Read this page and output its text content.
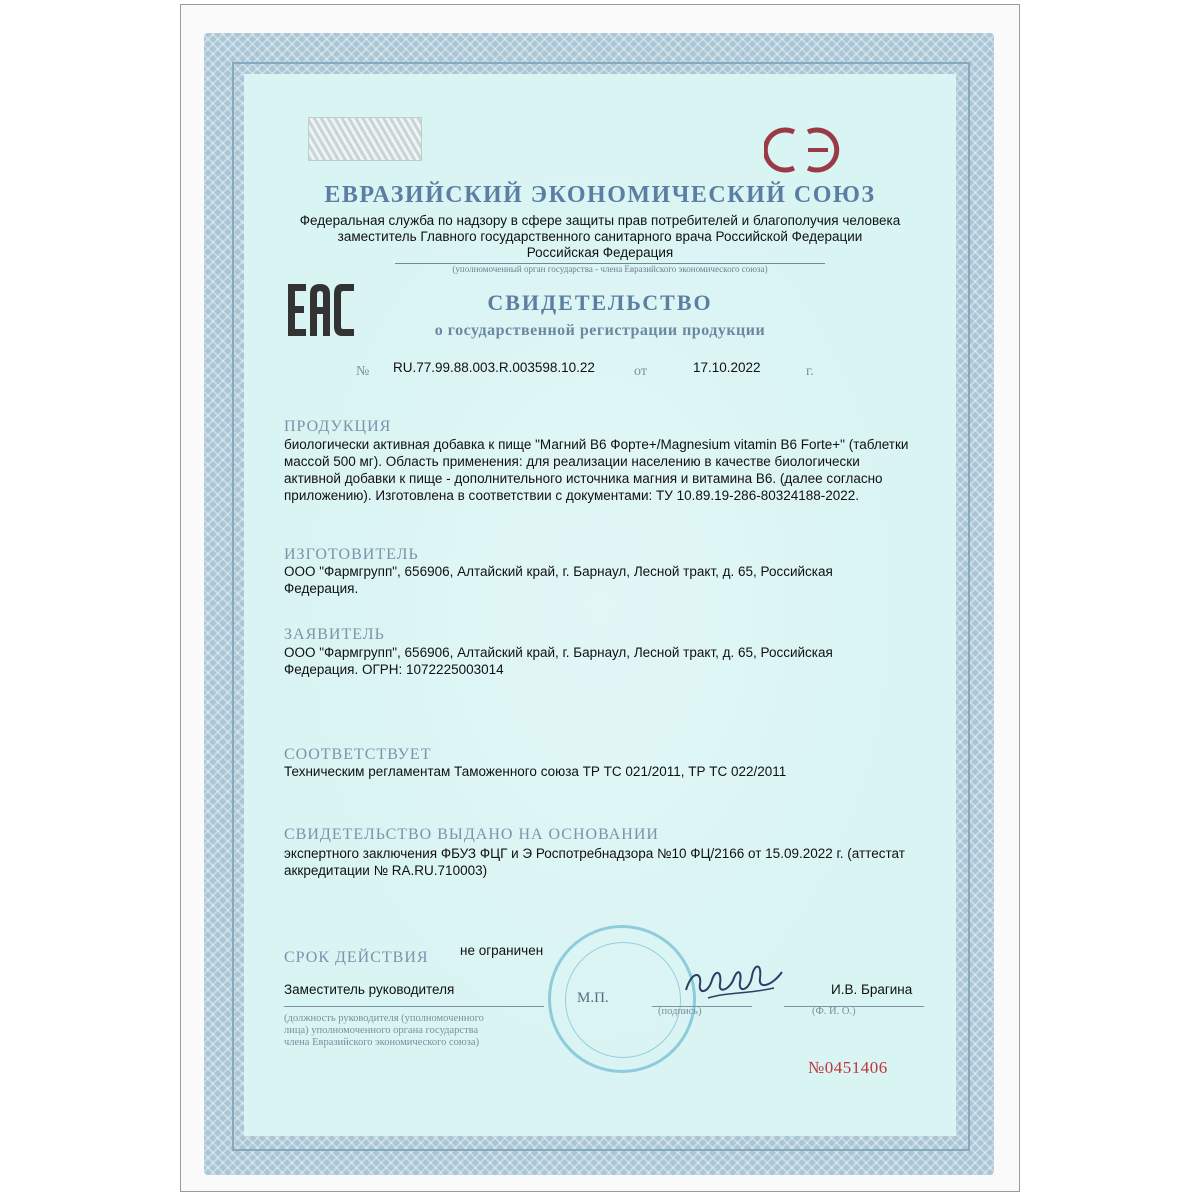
СЭ
ЕВРАЗИЙСКИЙ ЭКОНОМИЧЕСКИЙ СОЮЗ
Федеральная служба по надзору в сфере защиты прав потребителей и благополучия человека
заместитель Главного государственного санитарного врача Российской Федерации
Российская Федерация
(уполномоченный орган государства - члена Евразийского экономического союза)
ЕАС
СВИДЕТЕЛЬСТВО
о государственной регистрации продукции
№ RU.77.99.88.003.R.003598.10.22	от	17.10.2022	г.
ПРОДУКЦИЯ
биологически активная добавка к пище "Магний В6 Форте+/Magnesium vitamin B6 Forte+" (таблетки
массой 500 мг). Область применения: для реализации населению в качестве биологически
активной добавки к пище - дополнительного источника магния и витамина В6. (далее согласно
приложению). Изготовлена в соответствии с документами: ТУ 10.89.19-286-80324188-2022.
ИЗГОТОВИТЕЛЬ
ООО "Фармгрупп", 656906, Алтайский край, г. Барнаул, Лесной тракт, д. 65, Российская
Федерация.
ЗАЯВИТЕЛЬ
ООО "Фармгрупп", 656906, Алтайский край, г. Барнаул, Лесной тракт, д. 65, Российская
Федерация. ОГРН: 1072225003014
СООТВЕТСТВУЕТ
Техническим регламентам Таможенного союза ТР ТС 021/2011, ТР ТС 022/2011
СВИДЕТЕЛЬСТВО ВЫДАНО НА ОСНОВАНИИ
экспертного заключения ФБУЗ ФЦГ и Э Роспотребнадзора №10 ФЦ/2166 от 15.09.2022 г. (аттестат
аккредитации № RA.RU.710003)
М.П.
СРОК ДЕЙСТВИЯ не ограничен
Заместитель руководителя	И.В. Брагина
(должность руководителя (уполномоченного
лица) уполномоченного органа государства
члена Евразийского экономического союза)
(подпись)	(Ф. И. О.)
№0451406
